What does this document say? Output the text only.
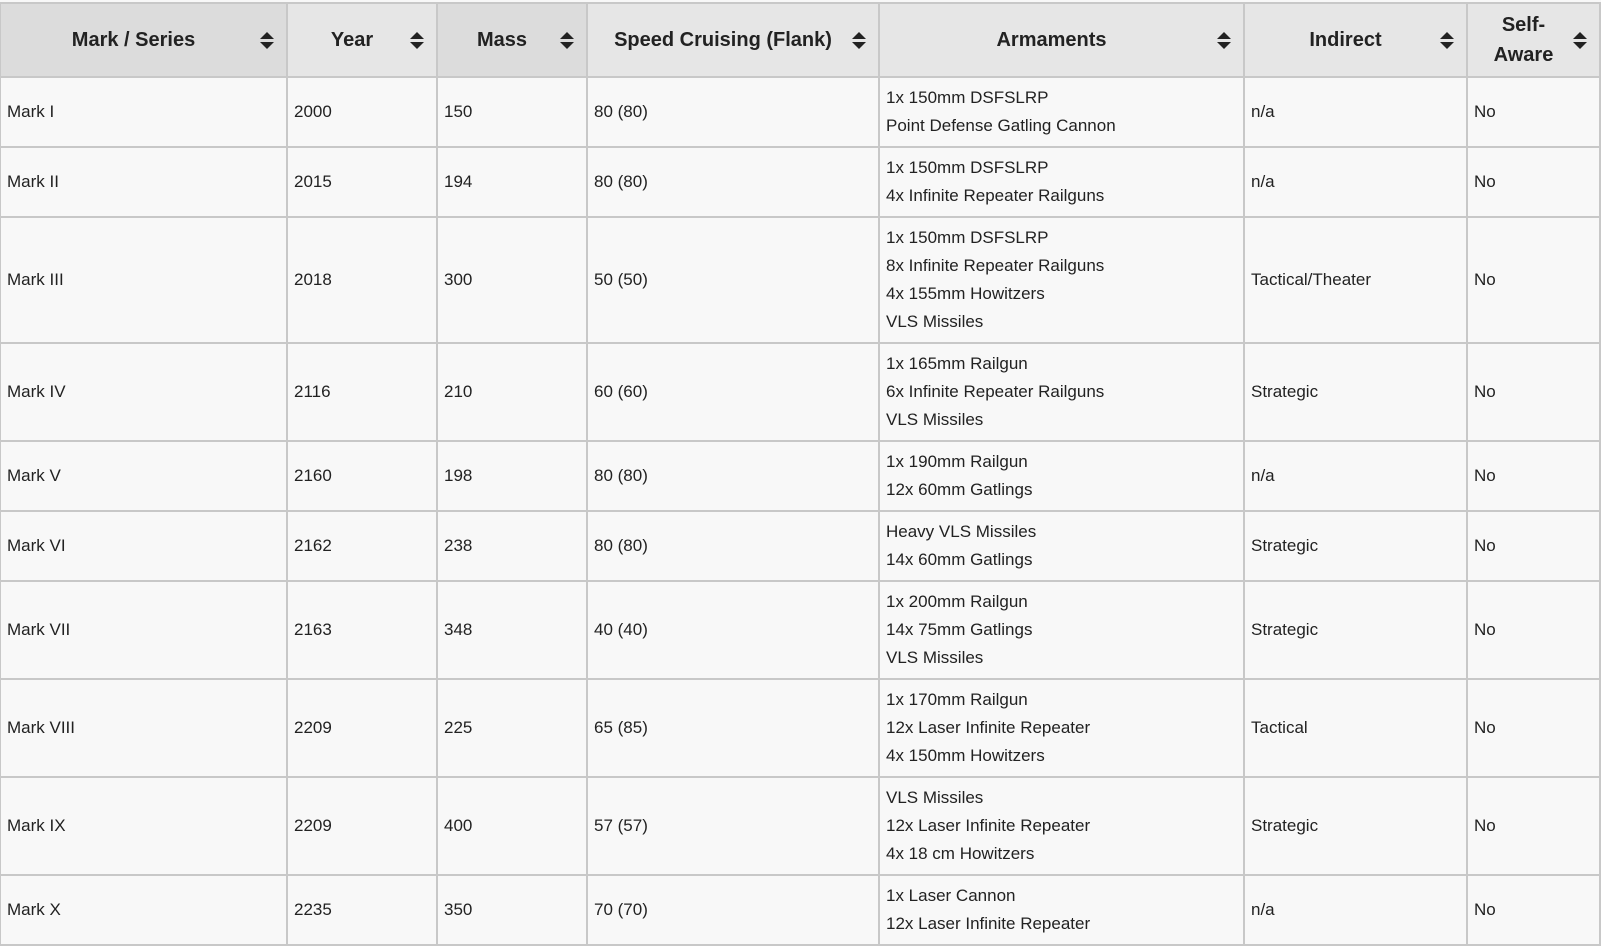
Mark / Series	Year	Mass	Speed Cruising (Flank)	Armaments	Indirect	Self-Aware

Mark I	2000	150	80 (80)	1x 150mm DSFSLRP
Point Defense Gatling Cannon	n/a	No
Mark II	2015	194	80 (80)	1x 150mm DSFSLRP
4x Infinite Repeater Railguns	n/a	No
Mark III	2018	300	50 (50)	1x 150mm DSFSLRP
8x Infinite Repeater Railguns
4x 155mm Howitzers
VLS Missiles	Tactical/Theater	No
Mark IV	2116	210	60 (60)	1x 165mm Railgun
6x Infinite Repeater Railguns
VLS Missiles	Strategic	No
Mark V	2160	198	80 (80)	1x 190mm Railgun
12x 60mm Gatlings	n/a	No
Mark VI	2162	238	80 (80)	Heavy VLS Missiles
14x 60mm Gatlings	Strategic	No
Mark VII	2163	348	40 (40)	1x 200mm Railgun
14x 75mm Gatlings
VLS Missiles	Strategic	No
Mark VIII	2209	225	65 (85)	1x 170mm Railgun
12x Laser Infinite Repeater
4x 150mm Howitzers	Tactical	No
Mark IX	2209	400	57 (57)	VLS Missiles
12x Laser Infinite Repeater
4x 18 cm Howitzers	Strategic	No
Mark X	2235	350	70 (70)	1x Laser Cannon
12x Laser Infinite Repeater	n/a	No
